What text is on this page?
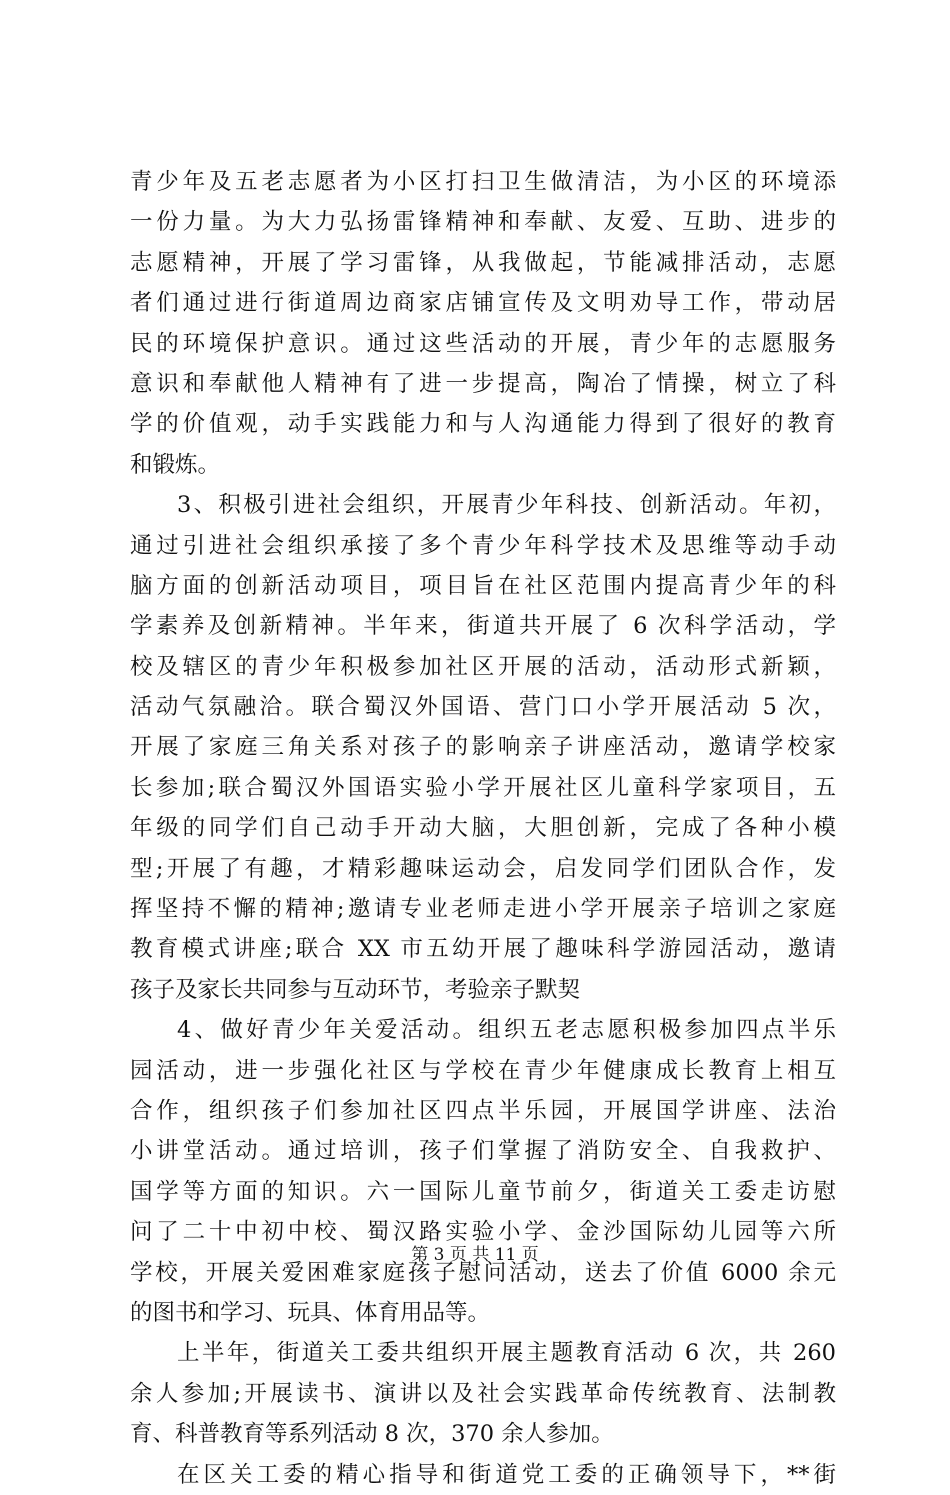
青少年及五老志愿者为小区打扫卫生做清洁，为小区的环境添
一份力量。为大力弘扬雷锋精神和奉献、友爱、互助、进步的
志愿精神，开展了学习雷锋，从我做起，节能减排活动，志愿
者们通过进行街道周边商家店铺宣传及文明劝导工作，带动居
民的环境保护意识。通过这些活动的开展，青少年的志愿服务
意识和奉献他人精神有了进一步提高，陶冶了情操，树立了科
学的价值观，动手实践能力和与人沟通能力得到了很好的教育
和锻炼。
3、积极引进社会组织，开展青少年科技、创新活动。年初，
通过引进社会组织承接了多个青少年科学技术及思维等动手动
脑方面的创新活动项目，项目旨在社区范围内提高青少年的科
学素养及创新精神。半年来，街道共开展了 6 次科学活动，学
校及辖区的青少年积极参加社区开展的活动，活动形式新颖，
活动气氛融洽。联合蜀汉外国语、营门口小学开展活动 5 次，
开展了家庭三角关系对孩子的影响亲子讲座活动，邀请学校家
长参加;联合蜀汉外国语实验小学开展社区儿童科学家项目，五
年级的同学们自己动手开动大脑，大胆创新，完成了各种小模
型;开展了有趣，才精彩趣味运动会，启发同学们团队合作，发
挥坚持不懈的精神;邀请专业老师走进小学开展亲子培训之家庭
教育模式讲座;联合 XX 市五幼开展了趣味科学游园活动，邀请
孩子及家长共同参与互动环节，考验亲子默契
4、做好青少年关爱活动。组织五老志愿积极参加四点半乐
园活动，进一步强化社区与学校在青少年健康成长教育上相互
合作，组织孩子们参加社区四点半乐园，开展国学讲座、法治
小讲堂活动。通过培训，孩子们掌握了消防安全、自我救护、
国学等方面的知识。六一国际儿童节前夕，街道关工委走访慰
问了二十中初中校、蜀汉路实验小学、金沙国际幼儿园等六所
学校，开展关爱困难家庭孩子慰问活动，送去了价值 6000 余元
的图书和学习、玩具、体育用品等。
上半年，街道关工委共组织开展主题教育活动 6 次，共 260
余人参加;开展读书、演讲以及社会实践革命传统教育、法制教
育、科普教育等系列活动 8 次，370 余人参加。
在区关工委的精心指导和街道党工委的正确领导下，**街
第 3 页 共 11 页
